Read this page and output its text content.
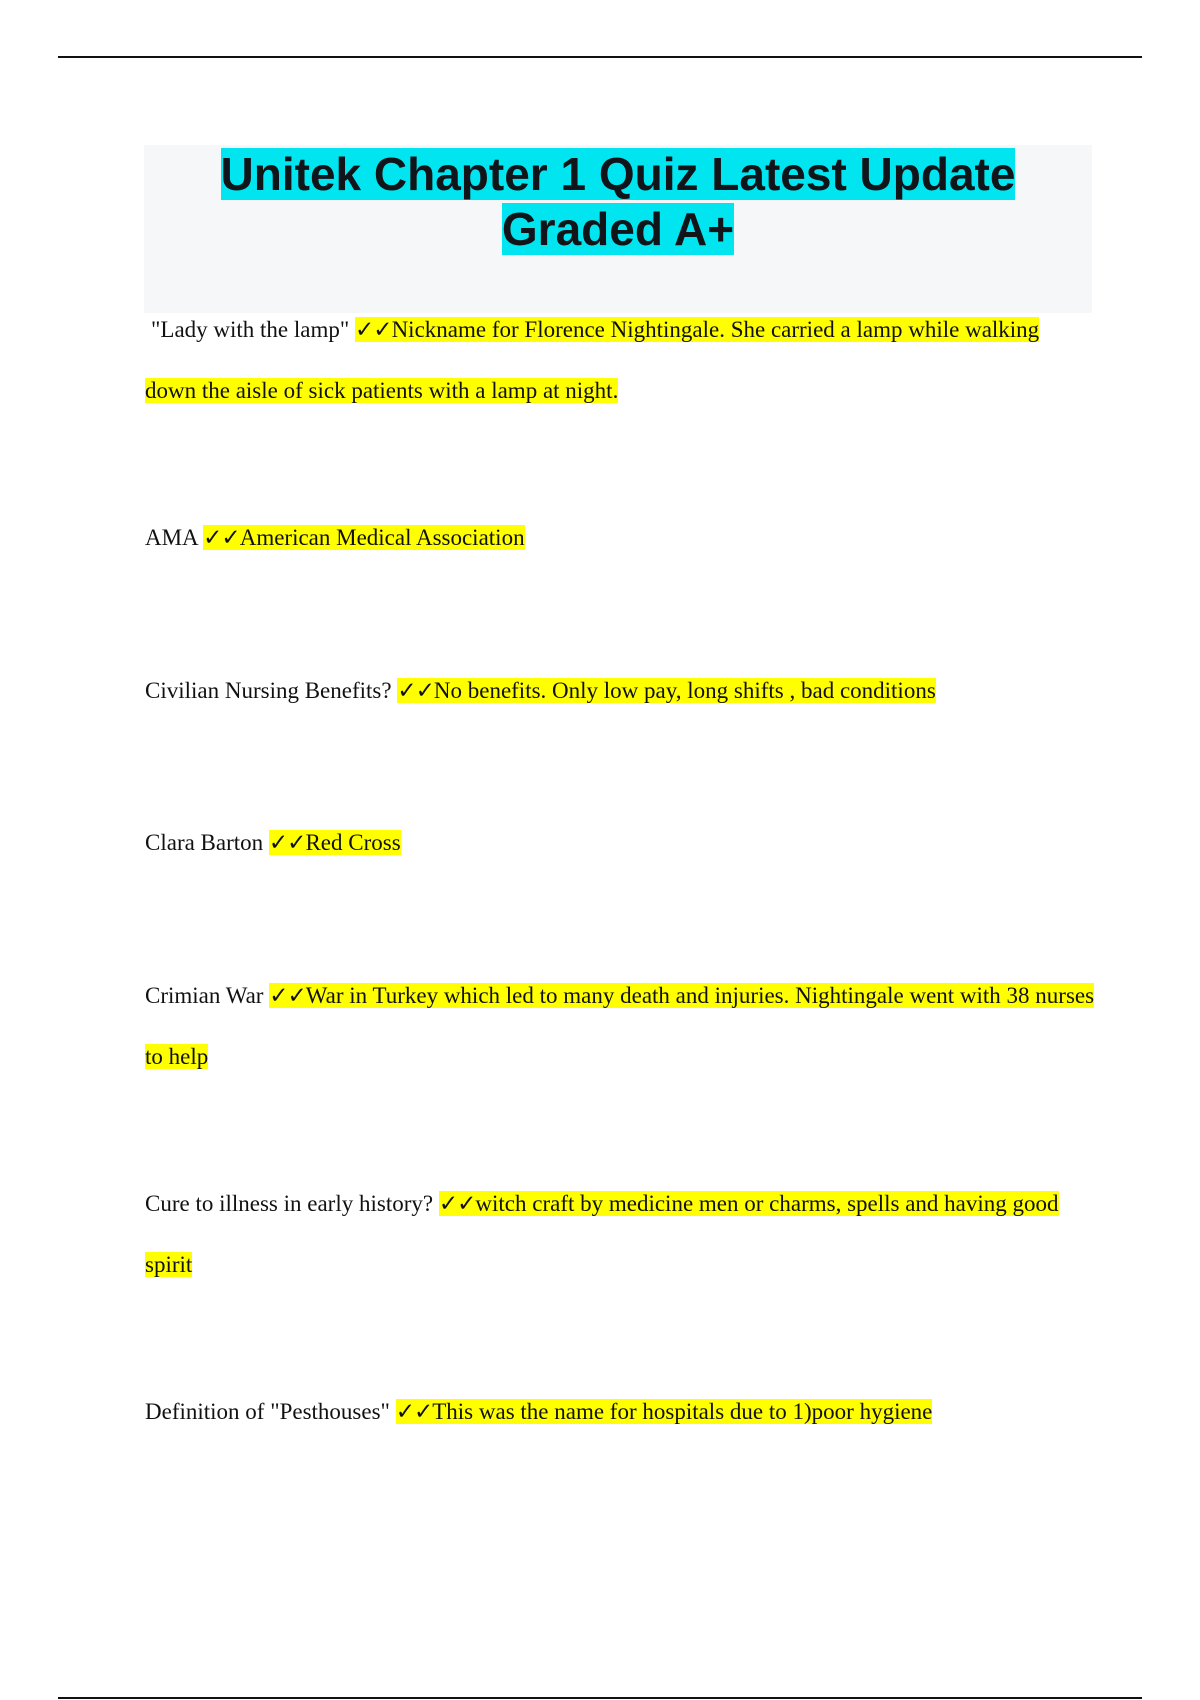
Unitek Chapter 1 Quiz Latest Update Graded A+

"Lady with the lamp" ✓✓Nickname for Florence Nightingale. She carried a lamp while walking down the aisle of sick patients with a lamp at night.

AMA ✓✓American Medical Association

Civilian Nursing Benefits? ✓✓No benefits. Only low pay, long shifts , bad conditions

Clara Barton ✓✓Red Cross

Crimian War ✓✓War in Turkey which led to many death and injuries. Nightingale went with 38 nurses to help

Cure to illness in early history? ✓✓witch craft by medicine men or charms, spells and having good spirit

Definition of "Pesthouses" ✓✓This was the name for hospitals due to 1)poor hygiene
